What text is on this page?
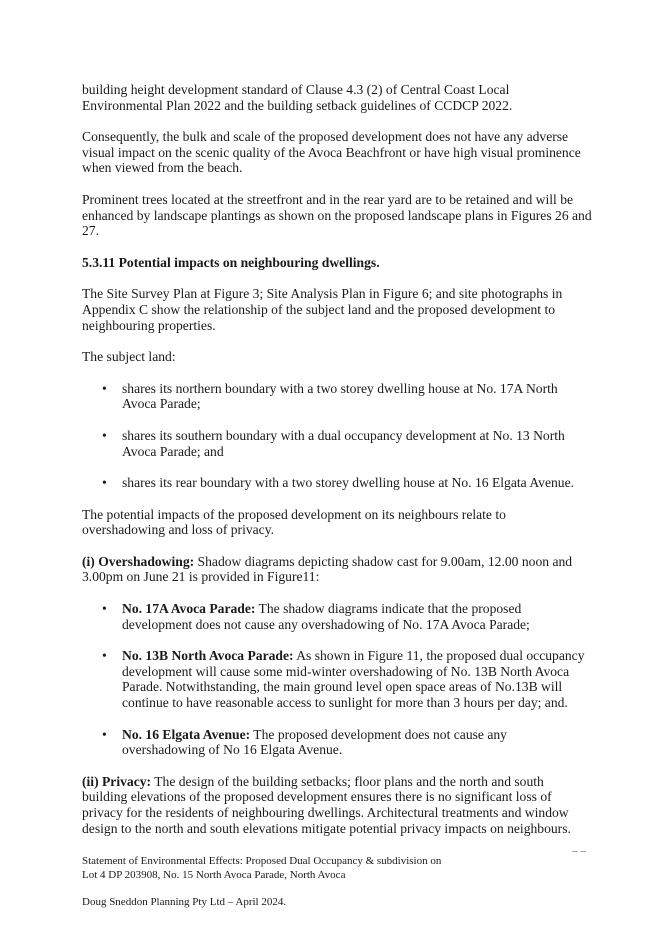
building height development standard of Clause 4.3 (2) of Central Coast Local Environmental Plan 2022 and the building setback guidelines of CCDCP 2022.

Consequently, the bulk and scale of the proposed development does not have any adverse visual impact on the scenic quality of the Avoca Beachfront or have high visual prominence when viewed from the beach.

Prominent trees located at the streetfront and in the rear yard are to be retained and will be enhanced by landscape plantings as shown on the proposed landscape plans in Figures 26 and 27.

5.3.11 Potential impacts on neighbouring dwellings.

The Site Survey Plan at Figure 3; Site Analysis Plan in Figure 6; and site photographs in Appendix C show the relationship of the subject land and the proposed development to neighbouring properties.

The subject land:

• shares its northern boundary with a two storey dwelling house at No. 17A North Avoca Parade;
• shares its southern boundary with a dual occupancy development at No. 13 North Avoca Parade; and
• shares its rear boundary with a two storey dwelling house at No. 16 Elgata Avenue.

The potential impacts of the proposed development on its neighbours relate to overshadowing and loss of privacy.

(i) Overshadowing: Shadow diagrams depicting shadow cast for 9.00am, 12.00 noon and 3.00pm on June 21 is provided in Figure11:

• No. 17A Avoca Parade: The shadow diagrams indicate that the proposed development does not cause any overshadowing of No. 17A Avoca Parade;
• No. 13B North Avoca Parade: As shown in Figure 11, the proposed dual occupancy development will cause some mid-winter overshadowing of No. 13B North Avoca Parade. Notwithstanding, the main ground level open space areas of No.13B will continue to have reasonable access to sunlight for more than 3 hours per day; and.
• No. 16 Elgata Avenue: The proposed development does not cause any overshadowing of No 16 Elgata Avenue.

(ii) Privacy: The design of the building setbacks; floor plans and the north and south building elevations of the proposed development ensures there is no significant loss of privacy for the residents of neighbouring dwellings. Architectural treatments and window design to the north and south elevations mitigate potential privacy impacts on neighbours.

– –
Statement of Environmental Effects: Proposed Dual Occupancy & subdivision on
Lot 4 DP 203908, No. 15 North Avoca Parade, North Avoca
Doug Sneddon Planning Pty Ltd – April 2024.
